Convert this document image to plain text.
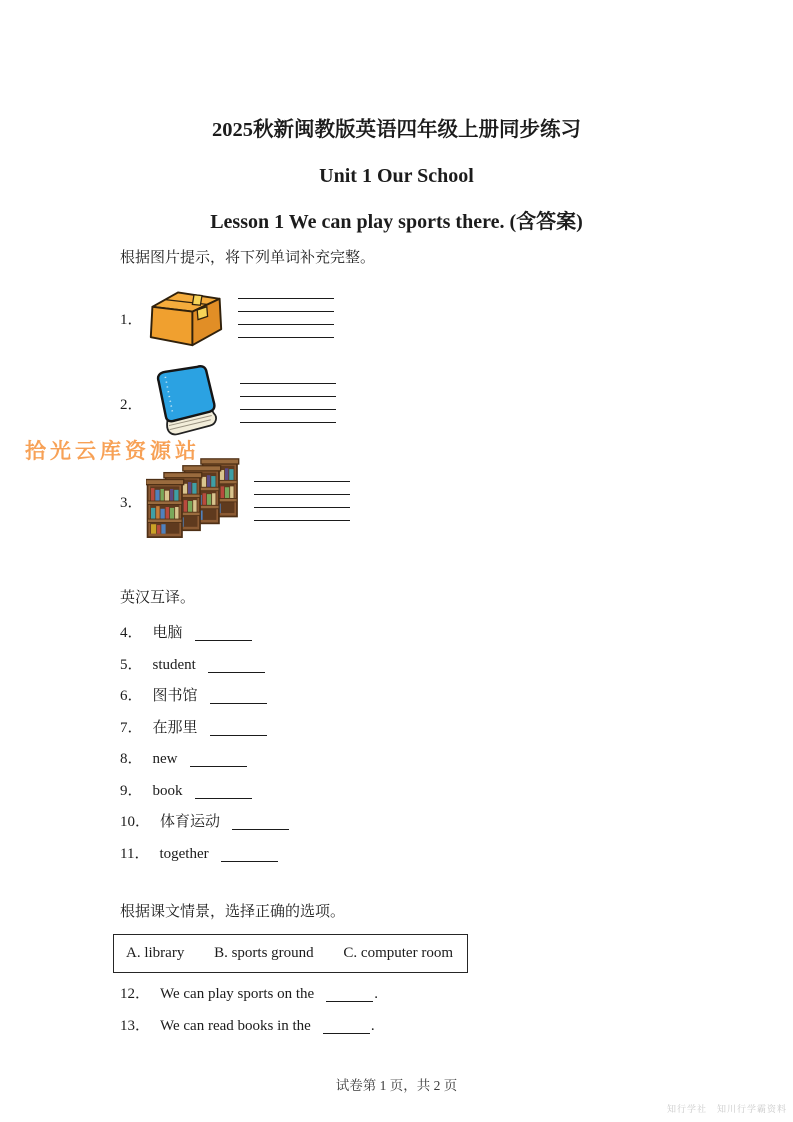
2025秋新闽教版英语四年级上册同步练习
Unit 1 Our School
Lesson 1 We can play sports there. (含答案)

根据图片提示，将下列单词补充完整。

1．
2．
3．

英汉互译。

4． 电脑
5． student
6． 图书馆
7． 在那里
8． new
9． book
10． 体育运动
11． together

根据课文情景，选择正确的选项。

A. library B. sports ground C. computer room
12． We can play sports on the	.
13． We can read books in the	.
拾光云库资源站
试卷第 1 页，共 2 页
知行学社　知川行学霸资料
